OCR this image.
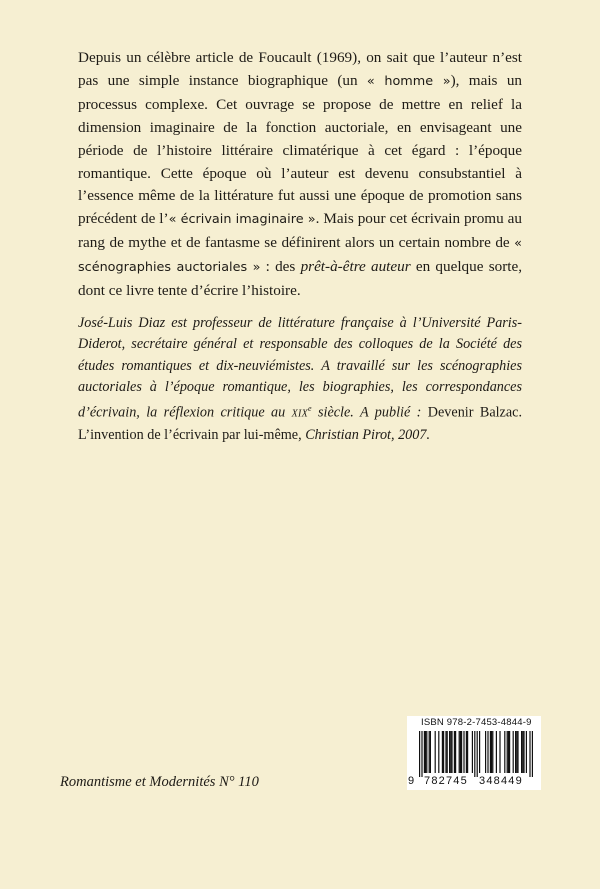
Depuis un célèbre article de Foucault (1969), on sait que l’auteur n’est pas une simple instance biographique (un « homme »), mais un processus complexe. Cet ouvrage se propose de mettre en relief la dimension imaginaire de la fonction auctoriale, en envisageant une période de l’histoire littéraire climatérique à cet égard : l’époque romantique. Cette époque où l’auteur est devenu consubstantiel à l’essence même de la littérature fut aussi une époque de promotion sans précédent de l’« écrivain imaginaire ». Mais pour cet écrivain promu au rang de mythe et de fantasme se définirent alors un certain nombre de « scénographies auctoriales » : des prêt-à-être auteur en quelque sorte, dont ce livre tente d’écrire l’histoire.
José-Luis Diaz est professeur de littérature française à l’Université Paris-Diderot, secrétaire général et responsable des colloques de la Société des études romantiques et dix-neuviémistes. A travaillé sur les scénographies auctoriales à l’époque romantique, les biographies, les correspondances d’écrivain, la réflexion critique au XIXe siècle. A publié : Devenir Balzac. L’invention de l’écrivain par lui-même, Christian Pirot, 2007.
Romantisme et Modernités N° 110
ISBN 978-2-7453-4844-9
9 782745 348449
